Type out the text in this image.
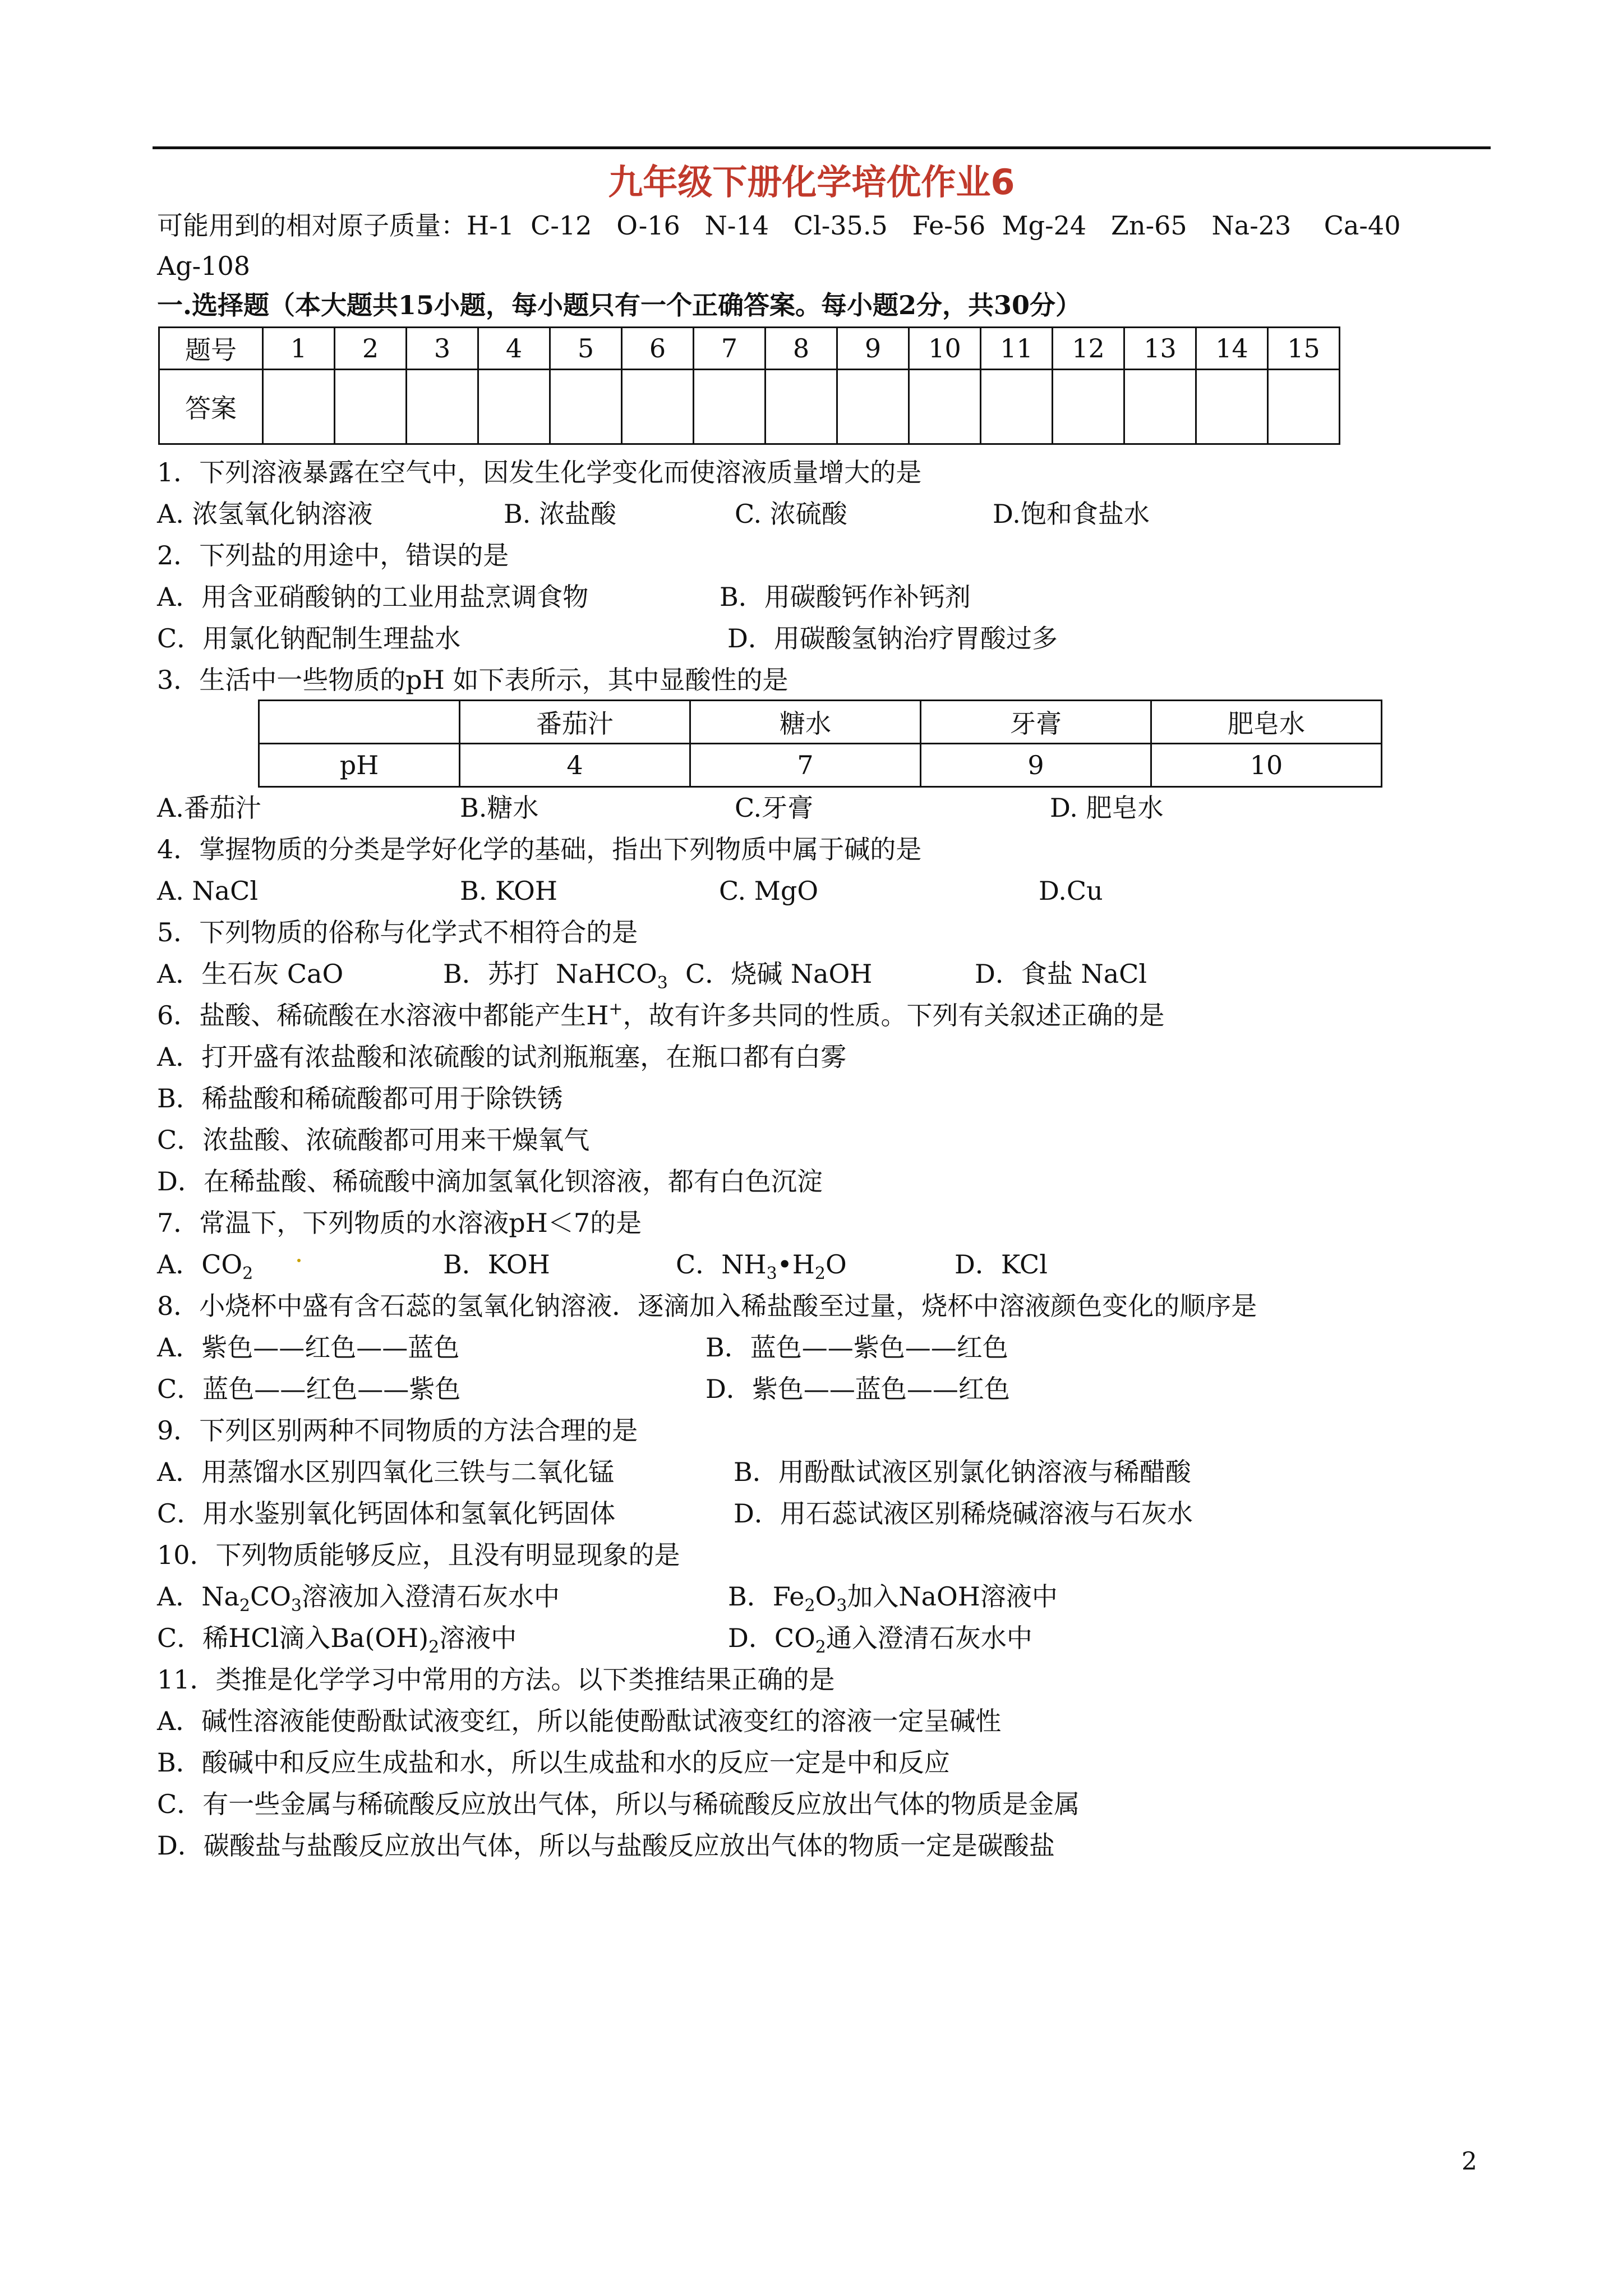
九年级下册化学培优作业6
可能用到的相对原子质量：H-1  C-12   O-16   N-14   Cl-35.5   Fe-56  Mg-24   Zn-65   Na-23    Ca-40
Ag-108
一.选择题（本大题共15小题，每小题只有一个正确答案。每小题2分，共30分）
题号	1	2	3	4	5	6	7	8	9	10	11	12	13	14	15
答案															
1．下列溶液暴露在空气中，因发生化学变化而使溶液质量增大的是
A. 浓氢氧化钠溶液	B. 浓盐酸	C. 浓硫酸	D.饱和食盐水
2．下列盐的用途中，错误的是
A．用含亚硝酸钠的工业用盐烹调食物	B．用碳酸钙作补钙剂
C．用氯化钠配制生理盐水	D．用碳酸氢钠治疗胃酸过多
3．生活中一些物质的pH 如下表所示，其中显酸性的是
	番茄汁	糖水	牙膏	肥皂水
pH	4	7	9	10
A.番茄汁	B.糖水	C.牙膏	D. 肥皂水
4．掌握物质的分类是学好化学的基础，指出下列物质中属于碱的是
A. NaCl	B. KOH	C. MgO	D.Cu
5．下列物质的俗称与化学式不相符合的是
A．生石灰 CaO	B．苏打  NaHCO$_3$ C．烧碱 NaOH	D．食盐 NaCl
6．盐酸、稀硫酸在水溶液中都能产生H+，故有许多共同的性质。下列有关叙述正确的是
A．打开盛有浓盐酸和浓硫酸的试剂瓶瓶塞，在瓶口都有白雾
B．稀盐酸和稀硫酸都可用于除铁锈
C．浓盐酸、浓硫酸都可用来干燥氧气
D．在稀盐酸、稀硫酸中滴加氢氧化钡溶液，都有白色沉淀
7．常温下，下列物质的水溶液pH＜7的是
A．$CO_2$	B．KOH	C．$NH_3•H_2O$	D．KCl
8．小烧杯中盛有含石蕊的氢氧化钠溶液．逐滴加入稀盐酸至过量，烧杯中溶液颜色变化的顺序是
A．紫色——红色——蓝色	B．蓝色——紫色——红色
C．蓝色——红色——紫色	D．紫色——蓝色——红色
9．下列区别两种不同物质的方法合理的是
A．用蒸馏水区别四氧化三铁与二氧化锰	B．用酚酞试液区别氯化钠溶液与稀醋酸
C．用水鉴别氧化钙固体和氢氧化钙固体	D．用石蕊试液区别稀烧碱溶液与石灰水
10．下列物质能够反应，且没有明显现象的是
A．$Na_2CO_3$溶液加入澄清石灰水中	B．$Fe_2O_3$加入NaOH溶液中
C．稀HCl滴入$Ba(OH)_2$溶液中	D．$CO_2$通入澄清石灰水中
11．类推是化学学习中常用的方法。以下类推结果正确的是
A．碱性溶液能使酚酞试液变红，所以能使酚酞试液变红的溶液一定呈碱性
B．酸碱中和反应生成盐和水，所以生成盐和水的反应一定是中和反应
C．有一些金属与稀硫酸反应放出气体，所以与稀硫酸反应放出气体的物质是金属
D．碳酸盐与盐酸反应放出气体，所以与盐酸反应放出气体的物质一定是碳酸盐
2
